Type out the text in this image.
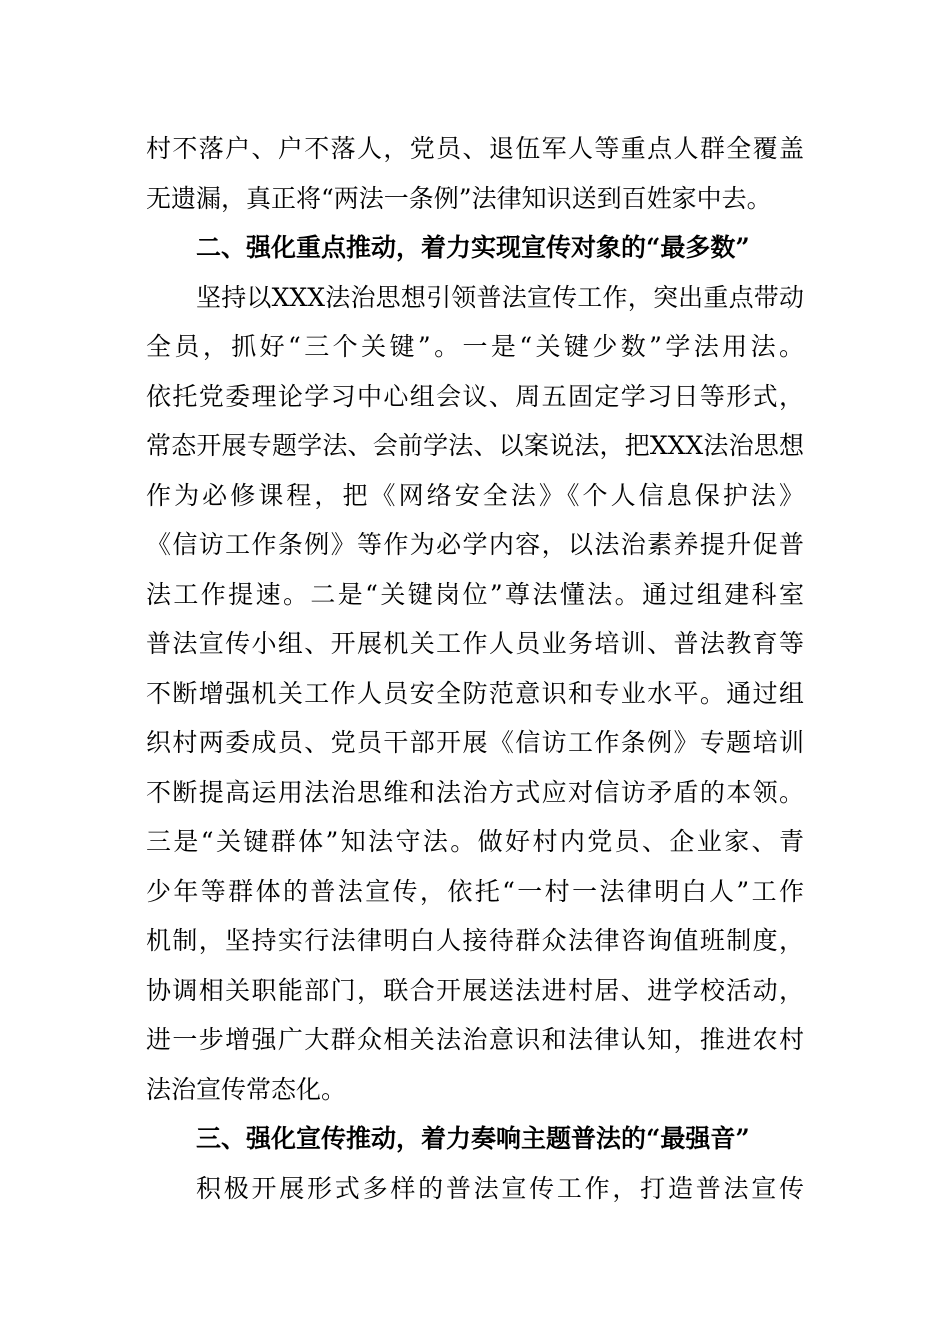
村不落户、户不落人，党员、退伍军人等重点人群全覆盖
无遗漏，真正将“两法一条例”法律知识送到百姓家中去。
二、强化重点推动，着力实现宣传对象的“最多数”
坚持以XXX法治思想引领普法宣传工作，突出重点带动
全员，抓好“三个关键”。一是“关键少数”学法用法。
依托党委理论学习中心组会议、周五固定学习日等形式，
常态开展专题学法、会前学法、以案说法，把XXX法治思想
作为必修课程，把《网络安全法》《个人信息保护法》
《信访工作条例》等作为必学内容，以法治素养提升促普
法工作提速。二是“关键岗位”尊法懂法。通过组建科室
普法宣传小组、开展机关工作人员业务培训、普法教育等
不断增强机关工作人员安全防范意识和专业水平。通过组
织村两委成员、党员干部开展《信访工作条例》专题培训
不断提高运用法治思维和法治方式应对信访矛盾的本领。
三是“关键群体”知法守法。做好村内党员、企业家、青
少年等群体的普法宣传，依托“一村一法律明白人”工作
机制，坚持实行法律明白人接待群众法律咨询值班制度，
协调相关职能部门，联合开展送法进村居、进学校活动，
进一步增强广大群众相关法治意识和法律认知，推进农村
法治宣传常态化。
三、强化宣传推动，着力奏响主题普法的“最强音”
积极开展形式多样的普法宣传工作，打造普法宣传
